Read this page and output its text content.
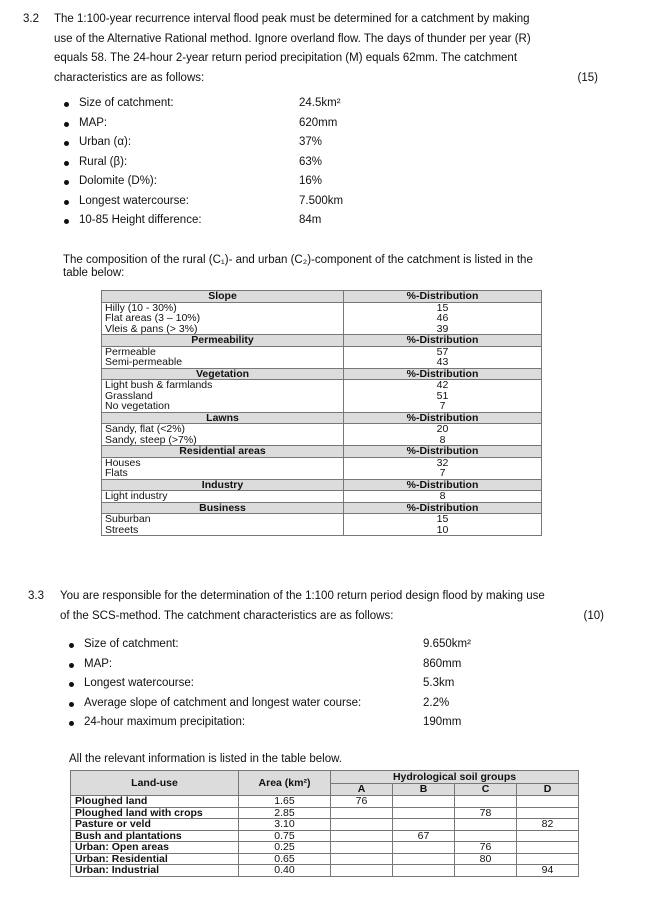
3.2 The 1:100-year recurrence interval flood peak must be determined for a catchment by making
use of the Alternative Rational method. Ignore overland flow. The days of thunder per year (R)
equals 58. The 24-hour 2-year return period precipitation (M) equals 62mm. The catchment
characteristics are as follows:	(15)
Size of catchment:	24.5km²
MAP:	620mm
Urban (α):	37%
Rural (β):	63%
Dolomite (D%):	16%
Longest watercourse:	7.500km
10-85 Height difference:	84m
The composition of the rural (C₁)- and urban (C₂)-component of the catchment is listed in the
table below:
Slope	%-Distribution
Hilly (10 - 30%)	15
Flat areas (3 – 10%)	46
Vleis & pans (> 3%)	39
Permeability	%-Distribution
Permeable	57
Semi-permeable	43
Vegetation	%-Distribution
Light bush & farmlands	42
Grassland	51
No vegetation	7
Lawns	%-Distribution
Sandy, flat (<2%)	20
Sandy, steep (>7%)	8
Residential areas	%-Distribution
Houses	32
Flats	7
Industry	%-Distribution
Light industry	8
Business	%-Distribution
Suburban	15
Streets	10
3.3 You are responsible for the determination of the 1:100 return period design flood by making use
of the SCS-method. The catchment characteristics are as follows:	(10)
Size of catchment:	9.650km²
MAP:	860mm
Longest watercourse:	5.3km
Average slope of catchment and longest water course:	2.2%
24-hour maximum precipitation:	190mm
All the relevant information is listed in the table below.
Land-use	Area (km²)	Hydrological soil groups			
		A	B	C	D
Ploughed land	1.65	76			
Ploughed land with crops	2.85			78	
Pasture or veld	3.10				82
Bush and plantations	0.75		67		
Urban: Open areas	0.25			76	
Urban: Residential	0.65			80	
Urban: Industrial	0.40				94
